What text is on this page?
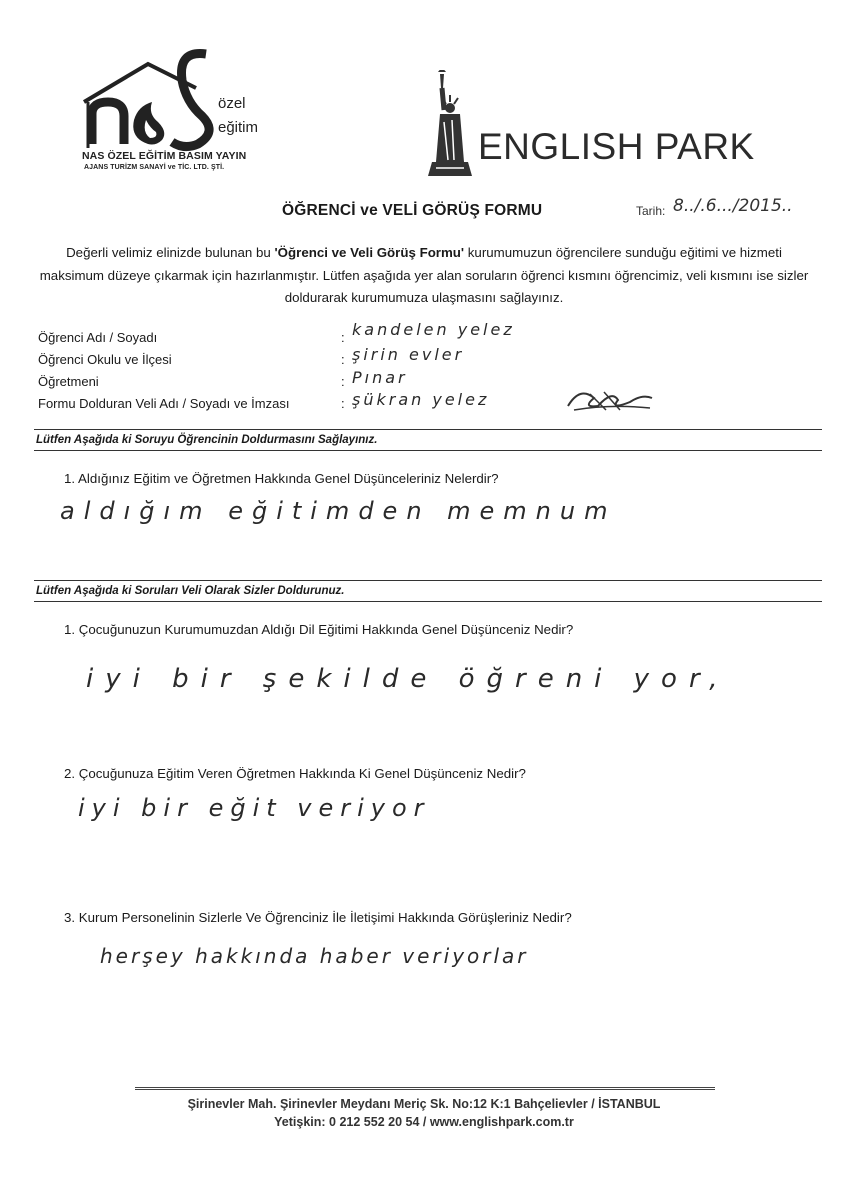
özel
eğitim
NAS ÖZEL EĞİTİM BASIM YAYIN
AJANS TURİZM SANAYİ ve TİC. LTD. ŞTİ.
ENGLISH PARK
ÖĞRENCİ ve VELİ GÖRÜŞ FORMU	Tarih: 8../.6.../2015..
Değerli velimiz elinizde bulunan bu 'Öğrenci ve Veli Görüş Formu' kurumumuzun öğrencilere sunduğu eğitimi ve hizmeti maksimum düzeye çıkarmak için hazırlanmıştır. Lütfen aşağıda yer alan soruların öğrenci kısmını öğrencimiz, veli kısmını ise sizler doldurarak kurumumuza ulaşmasını sağlayınız.
Öğrenci Adı / Soyadı	: kandelen yelez
Öğrenci Okulu ve İlçesi	: şirin evler
Öğretmeni	: Pınar
Formu Dolduran Veli Adı / Soyadı ve İmzası	: şükran yelez
Lütfen Aşağıda ki Soruyu Öğrencinin Doldurmasını Sağlayınız.
1. Aldığınız Eğitim ve Öğretmen Hakkında Genel Düşünceleriniz Nelerdir?
aldığım eğitimden memnum
Lütfen Aşağıda ki Soruları Veli Olarak Sizler Doldurunuz.
1. Çocuğunuzun Kurumumuzdan Aldığı Dil Eğitimi Hakkında Genel Düşünceniz Nedir?
iyi bir şekilde öğreni yor,
2. Çocuğunuza Eğitim Veren Öğretmen Hakkında Ki Genel Düşünceniz Nedir?
iyi bir eğit veriyor
3. Kurum Personelinin Sizlerle Ve Öğrenciniz İle İletişimi Hakkında Görüşleriniz Nedir?
herşey hakkında haber veriyorlar
Şirinevler Mah. Şirinevler Meydanı Meriç Sk. No:12 K:1 Bahçelievler / İSTANBUL
Yetişkin: 0 212 552 20 54 / www.englishpark.com.tr
